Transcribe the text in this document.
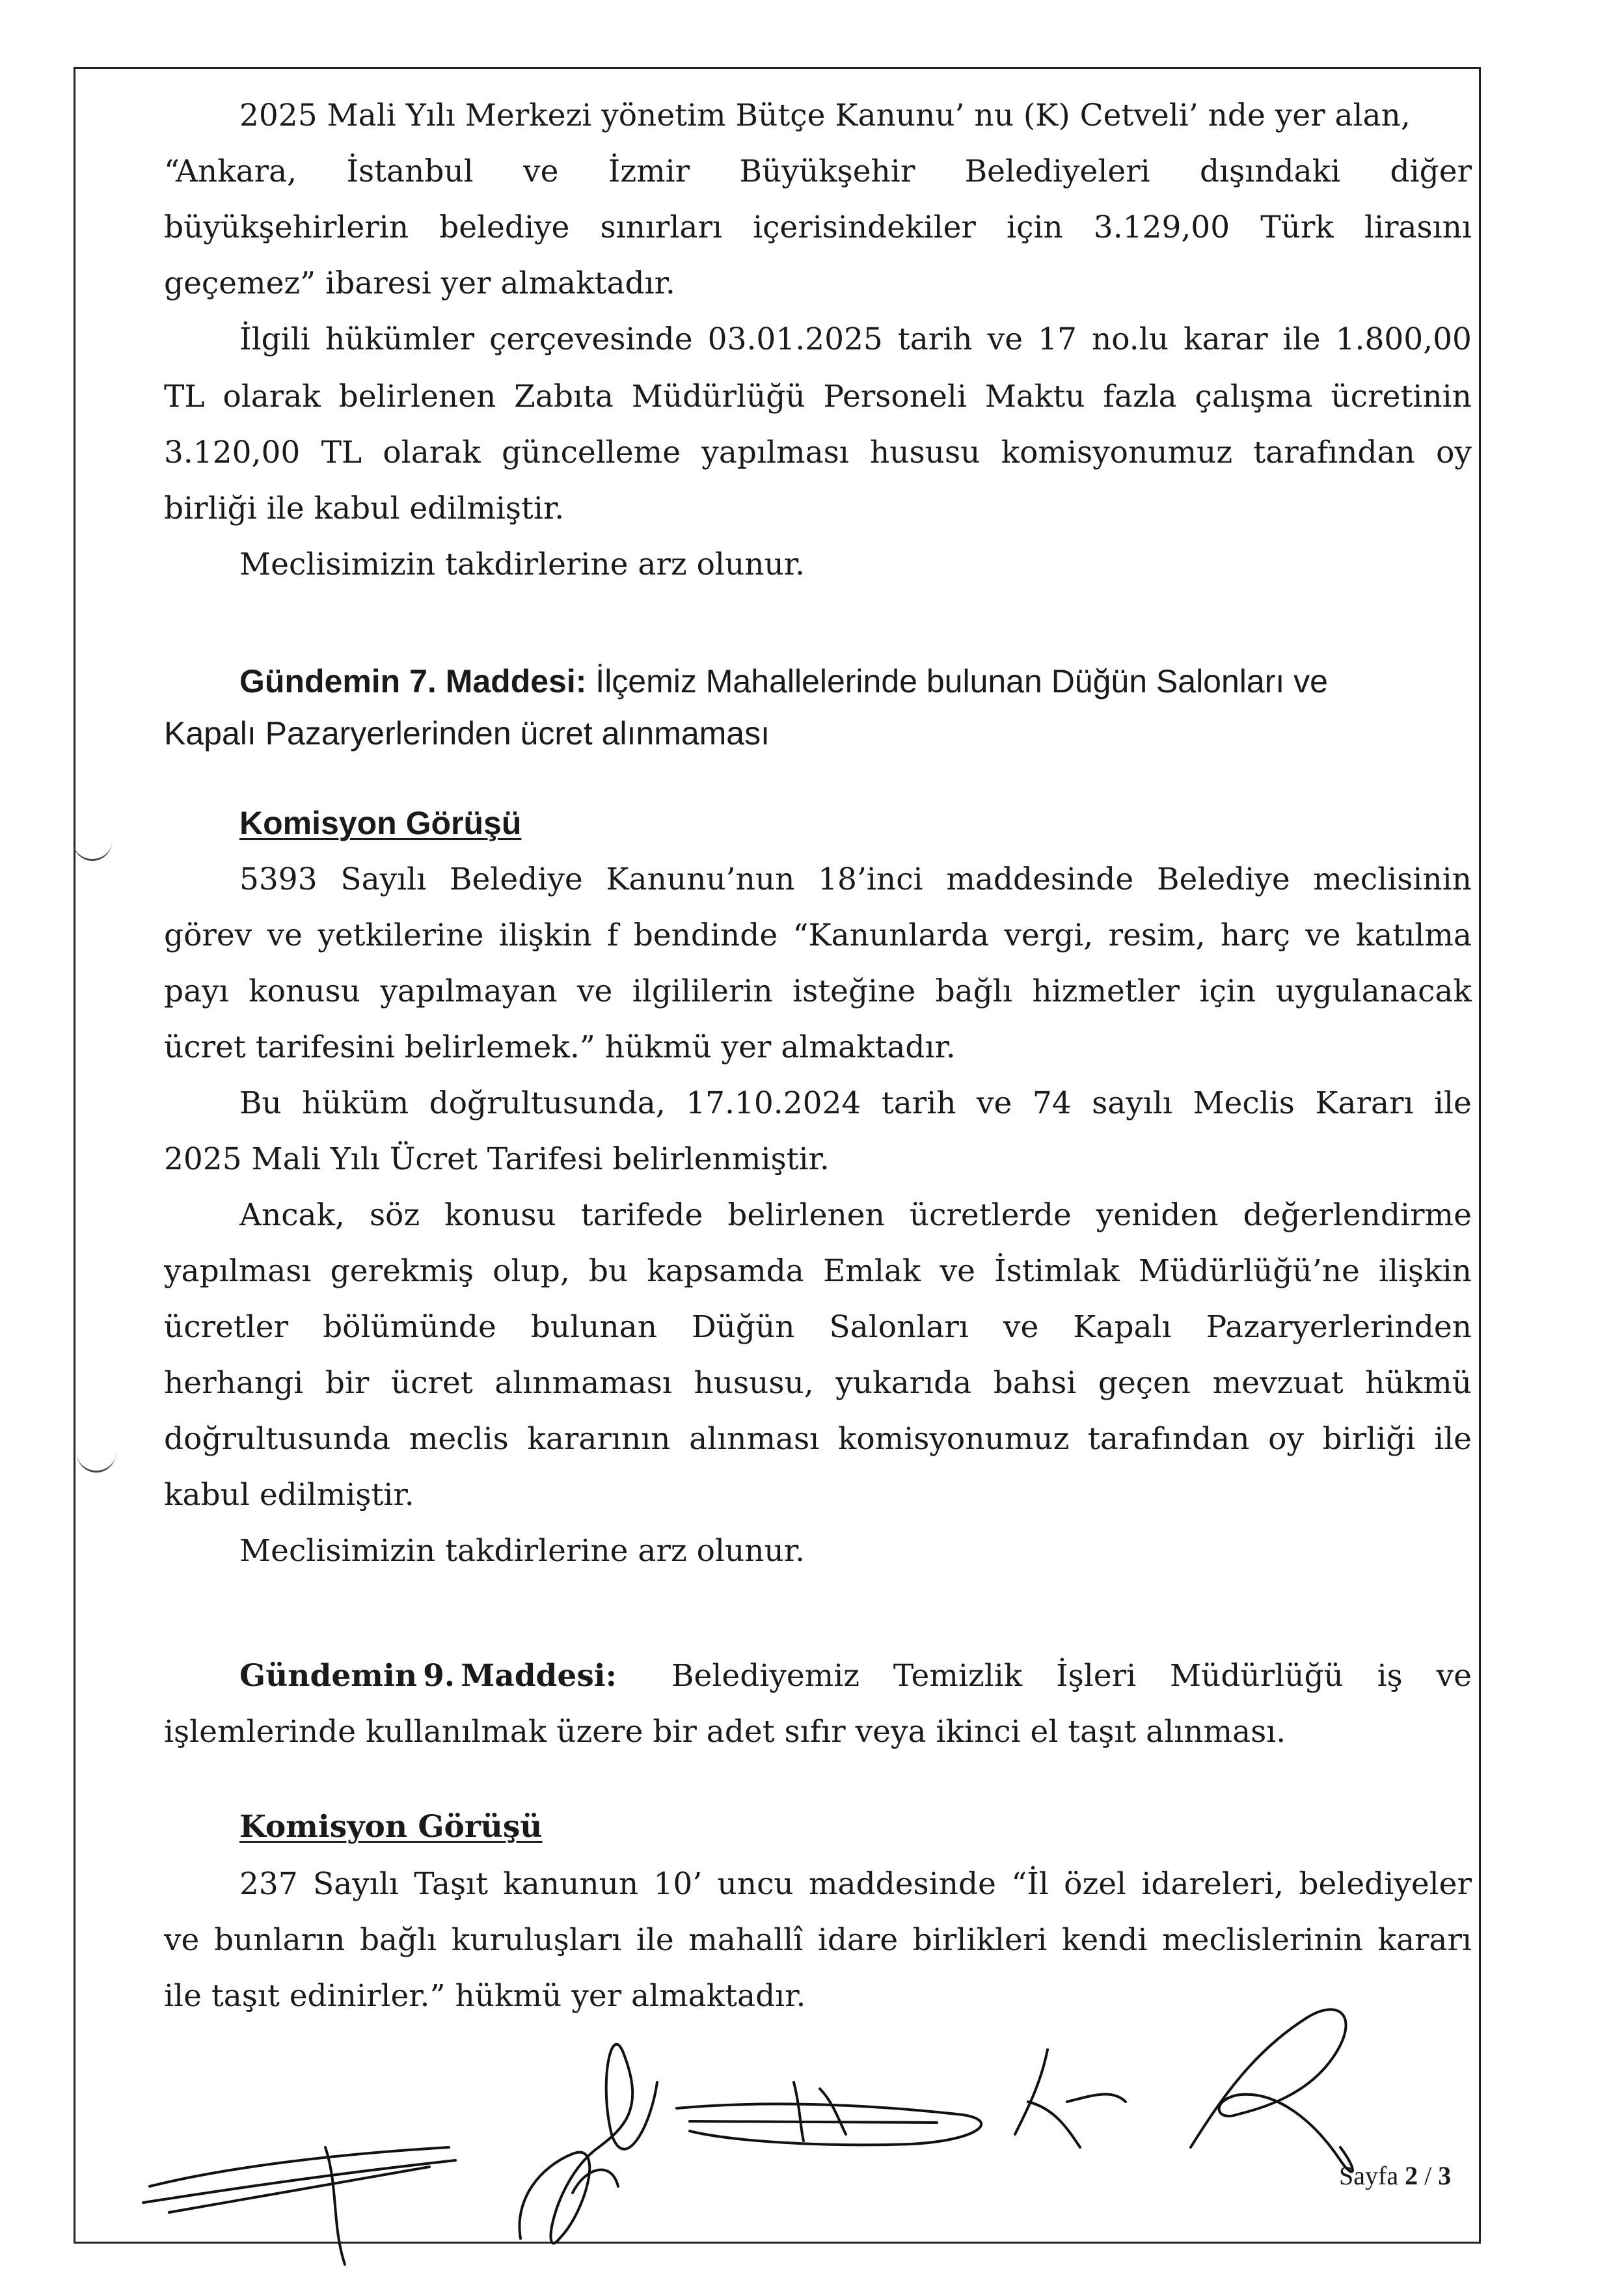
2025 Mali Yılı Merkezi yönetim Bütçe Kanunu’ nu (K) Cetveli’ nde yer alan,
“Ankara, İstanbul ve İzmir Büyükşehir Belediyeleri dışındaki diğer
büyükşehirlerin belediye sınırları içerisindekiler için 3.129,00 Türk lirasını
geçemez” ibaresi yer almaktadır.
İlgili hükümler çerçevesinde 03.01.2025 tarih ve 17 no.lu karar ile 1.800,00
TL olarak belirlenen Zabıta Müdürlüğü Personeli Maktu fazla çalışma ücretinin
3.120,00 TL olarak güncelleme yapılması hususu komisyonumuz tarafından oy
birliği ile kabul edilmiştir.
Meclisimizin takdirlerine arz olunur.
Gündemin 7. Maddesi: İlçemiz Mahallelerinde bulunan Düğün Salonları ve
Kapalı Pazaryerlerinden ücret alınmaması
Komisyon Görüşü
5393 Sayılı Belediye Kanunu’nun 18’inci maddesinde Belediye meclisinin
görev ve yetkilerine ilişkin f bendinde “Kanunlarda vergi, resim, harç ve katılma
payı konusu yapılmayan ve ilgililerin isteğine bağlı hizmetler için uygulanacak
ücret tarifesini belirlemek.” hükmü yer almaktadır.
Bu hüküm doğrultusunda, 17.10.2024 tarih ve 74 sayılı Meclis Kararı ile
2025 Mali Yılı Ücret Tarifesi belirlenmiştir.
Ancak, söz konusu tarifede belirlenen ücretlerde yeniden değerlendirme
yapılması gerekmiş olup, bu kapsamda Emlak ve İstimlak Müdürlüğü’ne ilişkin
ücretler bölümünde bulunan Düğün Salonları ve Kapalı Pazaryerlerinden
herhangi bir ücret alınmaması hususu, yukarıda bahsi geçen mevzuat hükmü
doğrultusunda meclis kararının alınması komisyonumuz tarafından oy birliği ile
kabul edilmiştir.
Meclisimizin takdirlerine arz olunur.
Gündemin 9. Maddesi: Belediyemiz Temizlik İşleri Müdürlüğü iş ve
işlemlerinde kullanılmak üzere bir adet sıfır veya ikinci el taşıt alınması.
Komisyon Görüşü
237 Sayılı Taşıt kanunun 10’ uncu maddesinde “İl özel idareleri, belediyeler
ve bunların bağlı kuruluşları ile mahallî idare birlikleri kendi meclislerinin kararı
ile taşıt edinirler.” hükmü yer almaktadır.
Sayfa 2 / 3
